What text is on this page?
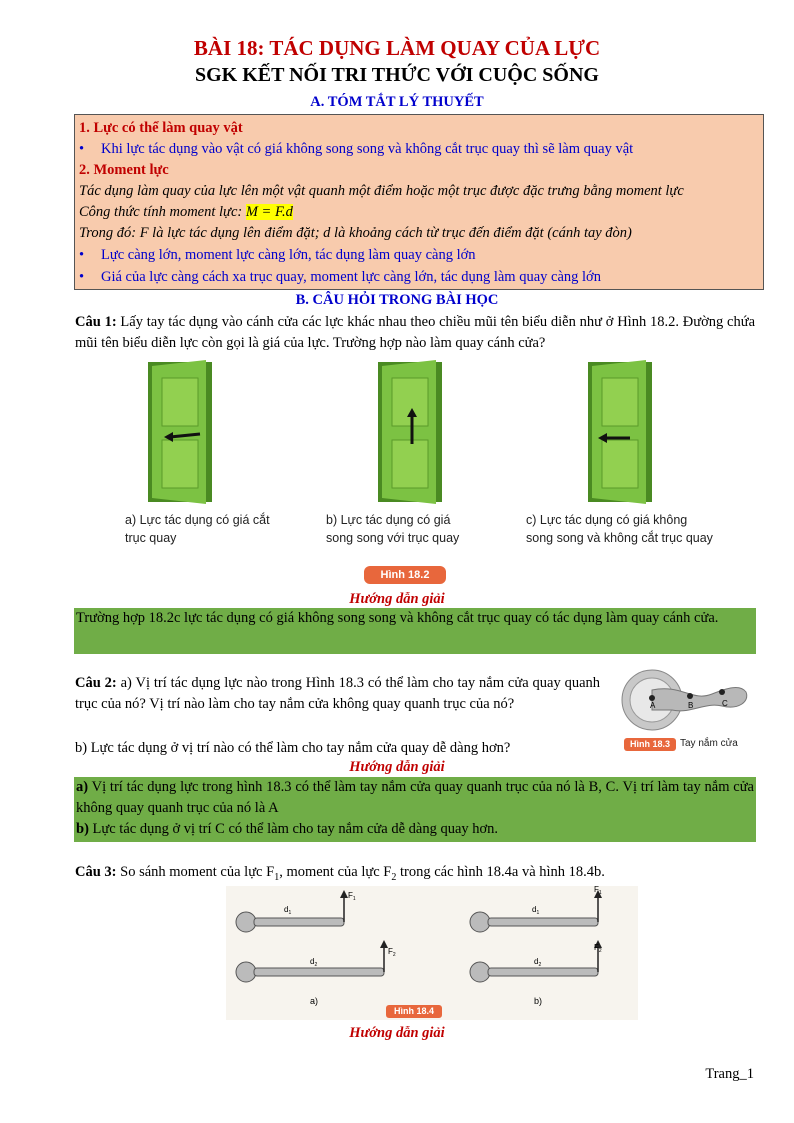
BÀI 18: TÁC DỤNG LÀM QUAY CỦA LỰC
SGK KẾT NỐI TRI THỨC VỚI CUỘC SỐNG
A. TÓM TẮT LÝ THUYẾT
1. Lực có thể làm quay vật
• Khi lực tác dụng vào vật có giá không song song và không cắt trục quay thì sẽ làm quay vật
2. Moment lực
Tác dụng làm quay của lực lên một vật quanh một điểm hoặc một trục được đặc trưng bằng moment lực
Công thức tính moment lực: M = F.d
Trong đó: F là lực tác dụng lên điểm đặt; d là khoảng cách từ trục đến điểm đặt (cánh tay đòn)
• Lực càng lớn, moment lực càng lớn, tác dụng làm quay càng lớn
• Giá của lực càng cách xa trục quay, moment lực càng lớn, tác dụng làm quay càng lớn
B. CÂU HỎI TRONG BÀI HỌC
Câu 1: Lấy tay tác dụng vào cánh cửa các lực khác nhau theo chiều mũi tên biểu diễn như ở Hình 18.2. Đường chứa mũi tên biểu diễn lực còn gọi là giá của lực. Trường hợp nào làm quay cánh cửa?
a) Lực tác dụng có giá cắt
trục quay
b) Lực tác dụng có giá
song song với trục quay
c) Lực tác dụng có giá không
song song và không cắt trục quay
Hình 18.2
Hướng dẫn giải
Trường hợp 18.2c lực tác dụng có giá không song song và không cắt trục quay có tác dụng làm quay cánh cửa.
Câu 2: a) Vị trí tác dụng lực nào trong Hình 18.3 có thể làm cho tay nắm cửa quay quanh trục của nó? Vị trí nào làm cho tay nắm cửa không quay quanh trục của nó?
b) Lực tác dụng ở vị trí nào có thể làm cho tay nắm cửa quay dễ dàng hơn?
A	B	C
Hình 18.3	Tay nắm cửa
Hướng dẫn giải
a) Vị trí tác dụng lực trong hình 18.3 có thể làm tay nắm cửa quay quanh trục của nó là B, C. Vị trí làm tay nắm cửa không quay quanh trục của nó là A
b) Lực tác dụng ở vị trí C có thể làm cho tay nắm cửa dễ dàng quay hơn.
Câu 3: So sánh moment của lực $F_1$, moment của lực $F_2$ trong các hình 18.4a và hình 18.4b.
$d_1$
$F_1$
$d_2$
$F_2$
a)
$d_1$
$F_1$
$d_2$
$F_2$
b)
Hình 18.4
Hướng dẫn giải
Trang_1
